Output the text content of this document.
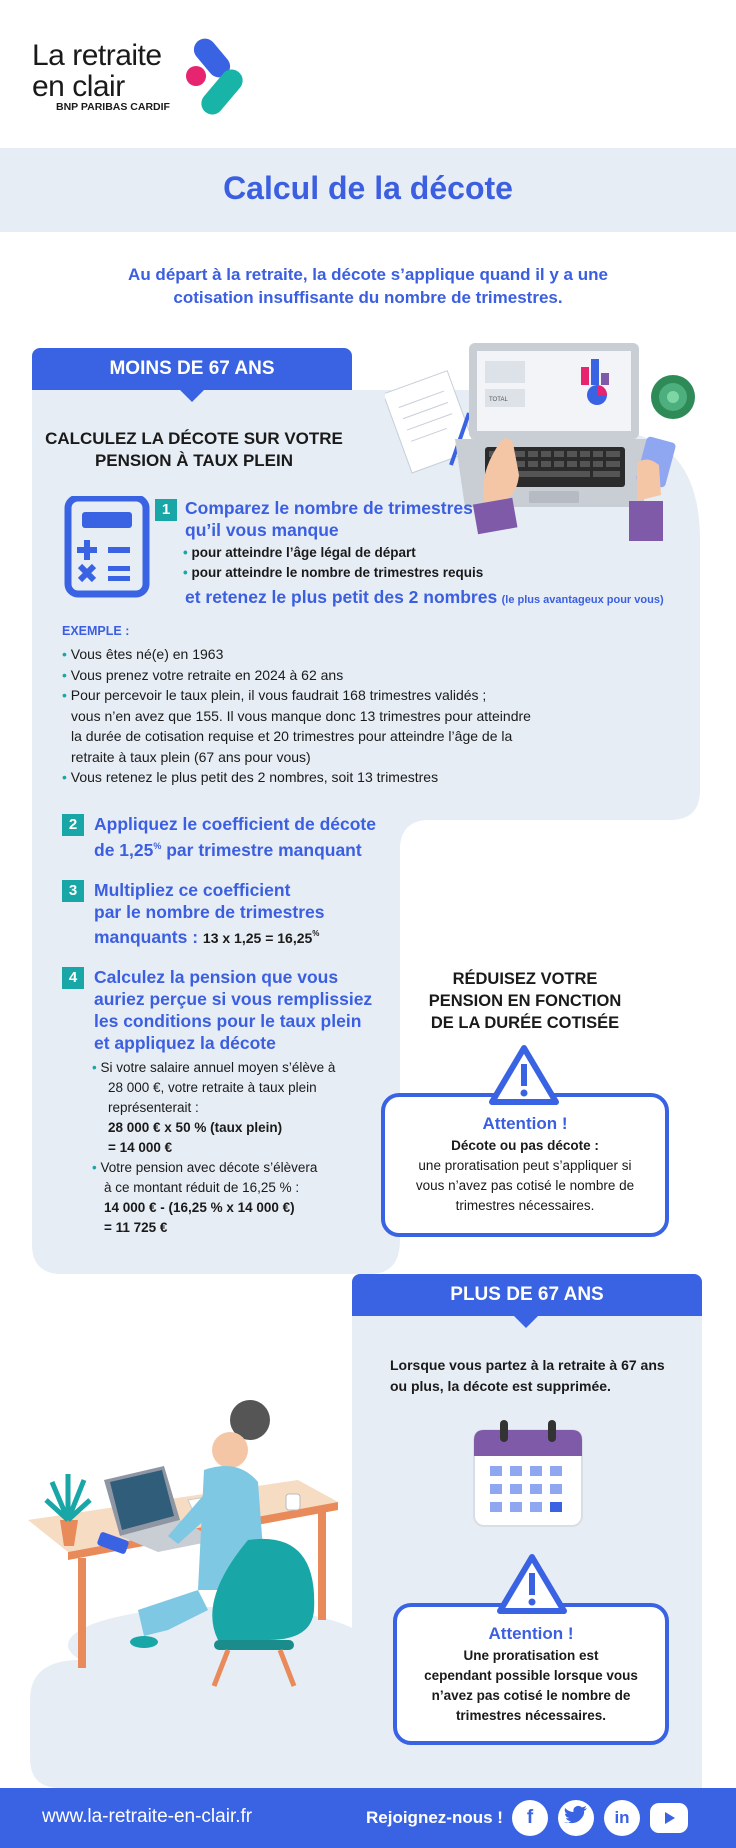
La retraite
en clair
BNP PARIBAS CARDIF
Calcul de la décote
Au départ à la retraite, la décote s’applique quand il y a une
cotisation insuffisante du nombre de trimestres.
MOINS DE 67 ANS
CALCULEZ LA DÉCOTE SUR VOTRE
PENSION À TAUX PLEIN
TOTAL
1 Comparez le nombre de trimestres
qu’il vous manque
• pour atteindre l’âge légal de départ
• pour atteindre le nombre de trimestres requis
et retenez le plus petit des 2 nombres (le plus avantageux pour vous)
EXEMPLE :
• Vous êtes né(e) en 1963
• Vous prenez votre retraite en 2024 à 62 ans
• Pour percevoir le taux plein, il vous faudrait 168 trimestres validés ;
vous n’en avez que 155. Il vous manque donc 13 trimestres pour atteindre
la durée de cotisation requise et 20 trimestres pour atteindre l’âge de la
retraite à taux plein (67 ans pour vous)
• Vous retenez le plus petit des 2 nombres, soit 13 trimestres
2 Appliquez le coefficient de décote
de 1,25% par trimestre manquant
3 Multipliez ce coefficient
par le nombre de trimestres
manquants : 13 x 1,25 = 16,25%
4 Calculez la pension que vous
auriez perçue si vous remplissiez
les conditions pour le taux plein
et appliquez la décote
• Si votre salaire annuel moyen s’élève à
28 000 €, votre retraite à taux plein
représenterait :
28 000 € x 50 % (taux plein)
= 14 000 €
• Votre pension avec décote s’élèvera
à ce montant réduit de 16,25 % :
14 000 € - (16,25 % x 14 000 €)
= 11 725 €
RÉDUISEZ VOTRE
PENSION EN FONCTION
DE LA DURÉE COTISÉE
Attention !
Décote ou pas décote :
une proratisation peut s’appliquer si
vous n’avez pas cotisé le nombre de
trimestres nécessaires.
PLUS DE 67 ANS
Lorsque vous partez à la retraite à 67 ans
ou plus, la décote est supprimée.
Attention !
Une proratisation est
cependant possible lorsque vous
n’avez pas cotisé le nombre de
trimestres nécessaires.
www.la-retraite-en-clair.fr	Rejoignez-nous !	f	in
